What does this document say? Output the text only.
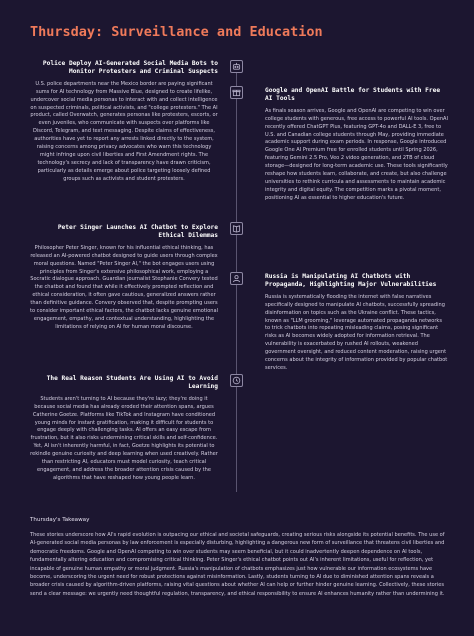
Thursday: Surveillance and Education
Police Deploy AI-Generated Social Media Bots to Monitor Protesters and Criminal Suspects
U.S. police departments near the Mexico border are paying significant sums for AI technology from Massive Blue, designed to create lifelike, undercover social media personas to interact with and collect intelligence on suspected criminals, political activists, and "college protesters." The AI product, called Overwatch, generates personas like protesters, escorts, or even juveniles, who communicate with suspects over platforms like Discord, Telegram, and text messaging. Despite claims of effectiveness, authorities have yet to report any arrests linked directly to the system, raising concerns among privacy advocates who warn this technology might infringe upon civil liberties and First Amendment rights. The technology's secrecy and lack of transparency have drawn criticism, particularly as details emerge about police targeting loosely defined groups such as activists and student protesters.
Google and OpenAI Battle for Students with Free AI Tools
As finals season arrives, Google and OpenAI are competing to win over college students with generous, free access to powerful AI tools. OpenAI recently offered ChatGPT Plus, featuring GPT-4o and DALL-E 3, free to U.S. and Canadian college students through May, providing immediate academic support during exam periods. In response, Google introduced Google One AI Premium free for enrolled students until Spring 2026, featuring Gemini 2.5 Pro, Veo 2 video generation, and 2TB of cloud storage—designed for long-term academic use. These tools significantly reshape how students learn, collaborate, and create, but also challenge universities to rethink curricula and assessments to maintain academic integrity and digital equity. The competition marks a pivotal moment, positioning AI as essential to higher education's future.
Peter Singer Launches AI Chatbot to Explore Ethical Dilemmas
Philosopher Peter Singer, known for his influential ethical thinking, has released an AI-powered chatbot designed to guide users through complex moral questions. Named "Peter Singer AI," the bot engages users using principles from Singer's extensive philosophical work, employing a Socratic dialogue approach. Guardian journalist Stephanie Convery tested the chatbot and found that while it effectively prompted reflection and ethical consideration, it often gave cautious, generalized answers rather than definitive guidance. Convery observed that, despite prompting users to consider important ethical factors, the chatbot lacks genuine emotional engagement, empathy, and contextual understanding, highlighting the limitations of relying on AI for human moral discourse.
Russia is Manipulating AI Chatbots with Propaganda, Highlighting Major Vulnerabilities
Russia is systematically flooding the internet with false narratives specifically designed to manipulate AI chatbots, successfully spreading disinformation on topics such as the Ukraine conflict. These tactics, known as "LLM grooming," leverage automated propaganda networks to trick chatbots into repeating misleading claims, posing significant risks as AI becomes widely adopted for information retrieval. The vulnerability is exacerbated by rushed AI rollouts, weakened government oversight, and reduced content moderation, raising urgent concerns about the integrity of information provided by popular chatbot services.
The Real Reason Students Are Using AI to Avoid Learning
Students aren't turning to AI because they're lazy; they're doing it because social media has already eroded their attention spans, argues Catherine Goetze. Platforms like TikTok and Instagram have conditioned young minds for instant gratification, making it difficult for students to engage deeply with challenging tasks. AI offers an easy escape from frustration, but it also risks undermining critical skills and self-confidence. Yet, AI isn't inherently harmful, in fact, Goetze highlights its potential to rekindle genuine curiosity and deep learning when used creatively. Rather than restricting AI, educators must model curiosity, teach critical engagement, and address the broader attention crisis caused by the algorithms that have reshaped how young people learn.
Thursday's Takeaway
These stories underscore how AI's rapid evolution is outpacing our ethical and societal safeguards, creating serious risks alongside its potential benefits. The use of AI-generated social media personas by law enforcement is especially disturbing, highlighting a dangerous new form of surveillance that threatens civil liberties and democratic freedoms. Google and OpenAI competing to win over students may seem beneficial, but it could inadvertently deepen dependence on AI tools, fundamentally altering education and compromising critical thinking. Peter Singer's ethical chatbot points out AI's inherent limitations, useful for reflection, yet incapable of genuine human empathy or moral judgment. Russia's manipulation of chatbots emphasizes just how vulnerable our information ecosystems have become, underscoring the urgent need for robust protections against misinformation. Lastly, students turning to AI due to diminished attention spans reveals a broader crisis caused by algorithm-driven platforms, raising vital questions about whether AI can help or further hinder genuine learning. Collectively, these stories send a clear message: we urgently need thoughtful regulation, transparency, and ethical responsibility to ensure AI enhances humanity rather than undermining it.
